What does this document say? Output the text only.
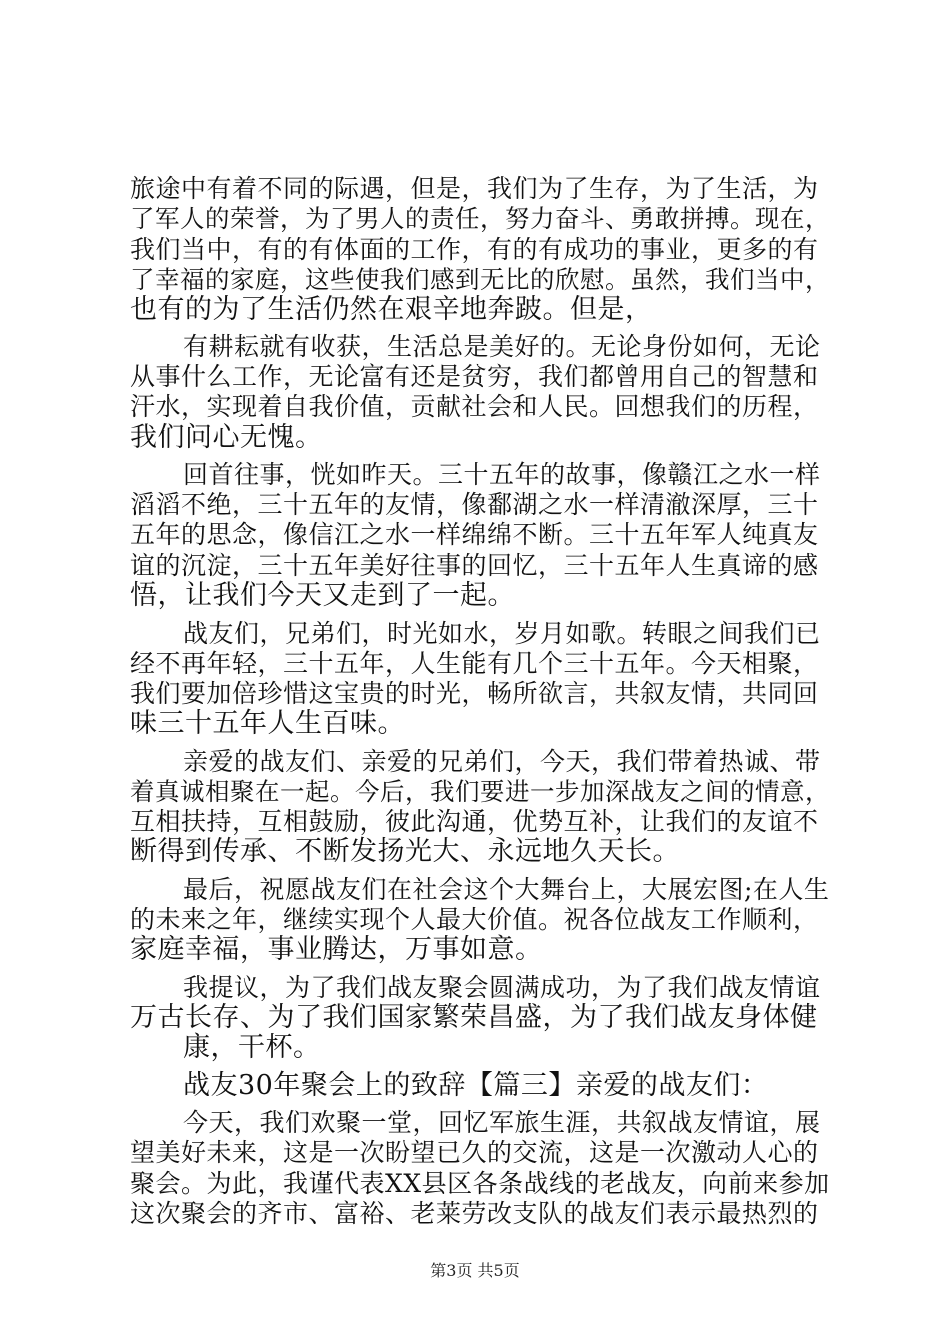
旅途中有着不同的际遇，但是，我们为了生存，为了生活，为
了军人的荣誉，为了男人的责任，努力奋斗、勇敢拼搏。现在，
我们当中，有的有体面的工作，有的有成功的事业，更多的有
了幸福的家庭，这些使我们感到无比的欣慰。虽然，我们当中，
也有的为了生活仍然在艰辛地奔跛。但是，
有耕耘就有收获，生活总是美好的。无论身份如何，无论
从事什么工作，无论富有还是贫穷，我们都曾用自己的智慧和
汗水，实现着自我价值，贡献社会和人民。回想我们的历程，
我们问心无愧。
回首往事，恍如昨天。三十五年的故事，像赣江之水一样
滔滔不绝，三十五年的友情，像鄱湖之水一样清澈深厚，三十
五年的思念，像信江之水一样绵绵不断。三十五年军人纯真友
谊的沉淀，三十五年美好往事的回忆，三十五年人生真谛的感
悟，让我们今天又走到了一起。
战友们，兄弟们，时光如水，岁月如歌。转眼之间我们已
经不再年轻，三十五年，人生能有几个三十五年。今天相聚，
我们要加倍珍惜这宝贵的时光，畅所欲言，共叙友情，共同回
味三十五年人生百味。
亲爱的战友们、亲爱的兄弟们，今天，我们带着热诚、带
着真诚相聚在一起。今后，我们要进一步加深战友之间的情意，
互相扶持，互相鼓励，彼此沟通，优势互补，让我们的友谊不
断得到传承、不断发扬光大、永远地久天长。
最后，祝愿战友们在社会这个大舞台上，大展宏图;在人生
的未来之年，继续实现个人最大价值。祝各位战友工作顺利，
家庭幸福，事业腾达，万事如意。
我提议，为了我们战友聚会圆满成功，为了我们战友情谊
万古长存、为了我们国家繁荣昌盛，为了我们战友身体健
康，干杯。
战友30年聚会上的致辞【篇三】亲爱的战友们：
今天，我们欢聚一堂，回忆军旅生涯，共叙战友情谊，展
望美好未来，这是一次盼望已久的交流，这是一次激动人心的
聚会。为此，我谨代表XX县区各条战线的老战友，向前来参加
这次聚会的齐市、富裕、老莱劳改支队的战友们表示最热烈的
第3页 共5页
